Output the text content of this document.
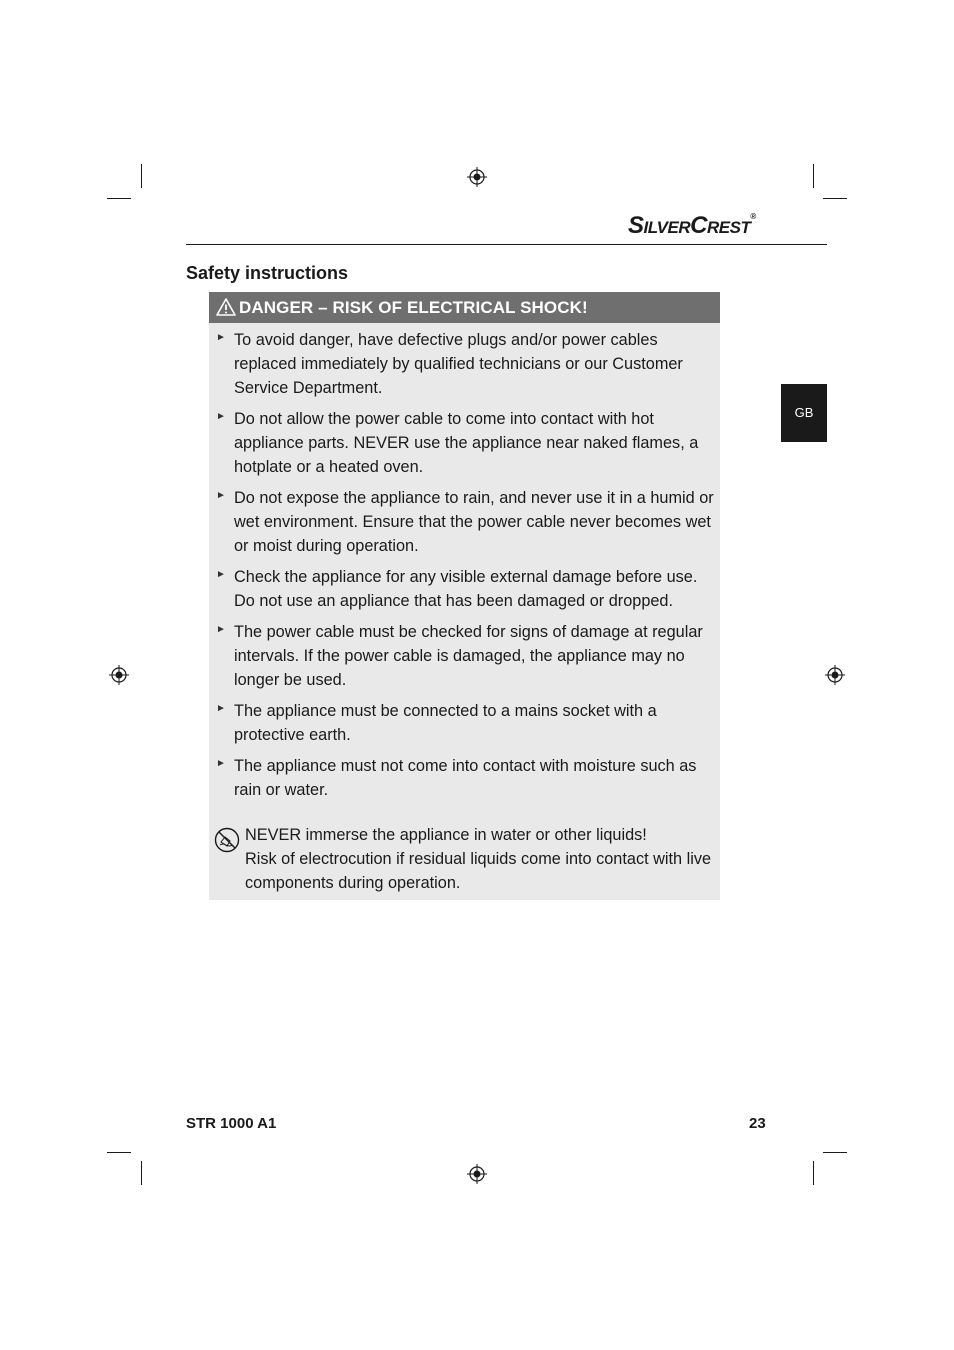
SILVERCREST®
Safety instructions
DANGER – RISK OF ELECTRICAL SHOCK!
► To avoid danger, have defective plugs and/or power cables replaced immediately by qualified technicians or our Customer Service Department.
► Do not allow the power cable to come into contact with hot appliance parts. NEVER use the appliance near naked flames, a hotplate or a heated oven.
► Do not expose the appliance to rain, and never use it in a humid or wet environment. Ensure that the power cable never becomes wet or moist during operation.
► Check the appliance for any visible external damage before use. Do not use an appliance that has been damaged or dropped.
► The power cable must be checked for signs of damage at regular intervals. If the power cable is damaged, the appliance may no longer be used.
► The appliance must be connected to a mains socket with a protective earth.
► The appliance must not come into contact with moisture such as rain or water.
NEVER immerse the appliance in water or other liquids!
Risk of electrocution if residual liquids come into contact with live components during operation.
GB
STR 1000 A1	23
